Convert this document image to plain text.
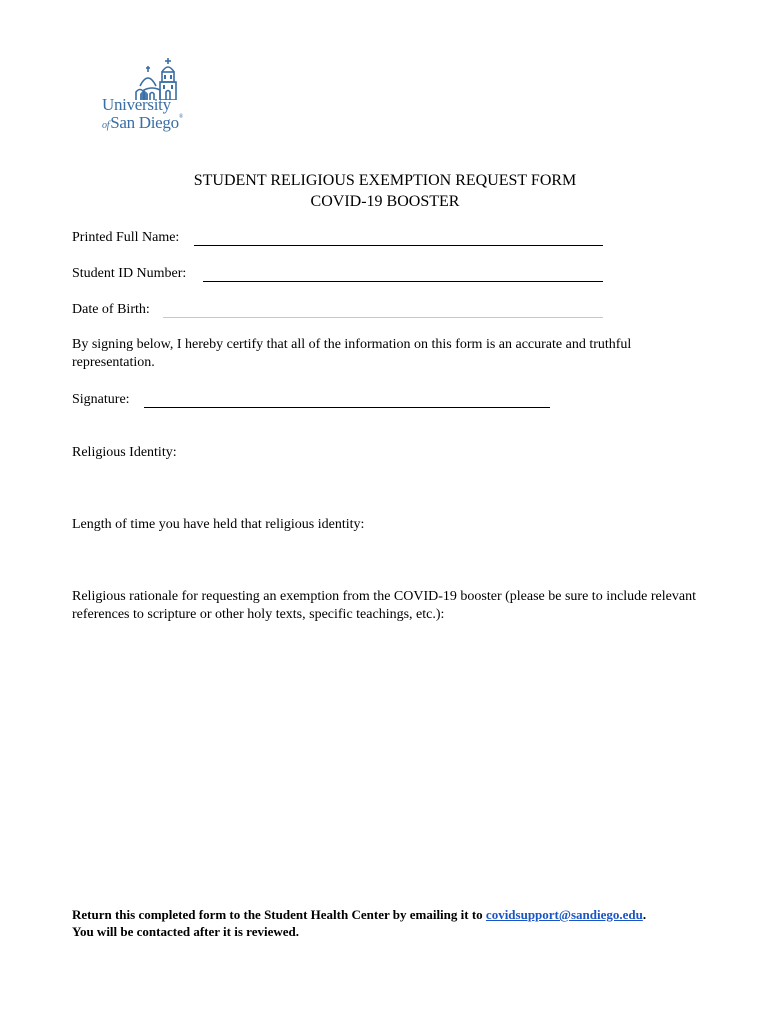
University
ofSan Diego®
STUDENT RELIGIOUS EXEMPTION REQUEST FORM
COVID-19 BOOSTER
Printed Full Name:
Student ID Number:
Date of Birth:
By signing below, I hereby certify that all of the information on this form is an accurate and truthful representation.
Signature:
Religious Identity:
Length of time you have held that religious identity:
Religious rationale for requesting an exemption from the COVID-19 booster (please be sure to include relevant references to scripture or other holy texts, specific teachings, etc.):
Return this completed form to the Student Health Center by emailing it to covidsupport@sandiego.edu.
You will be contacted after it is reviewed.
